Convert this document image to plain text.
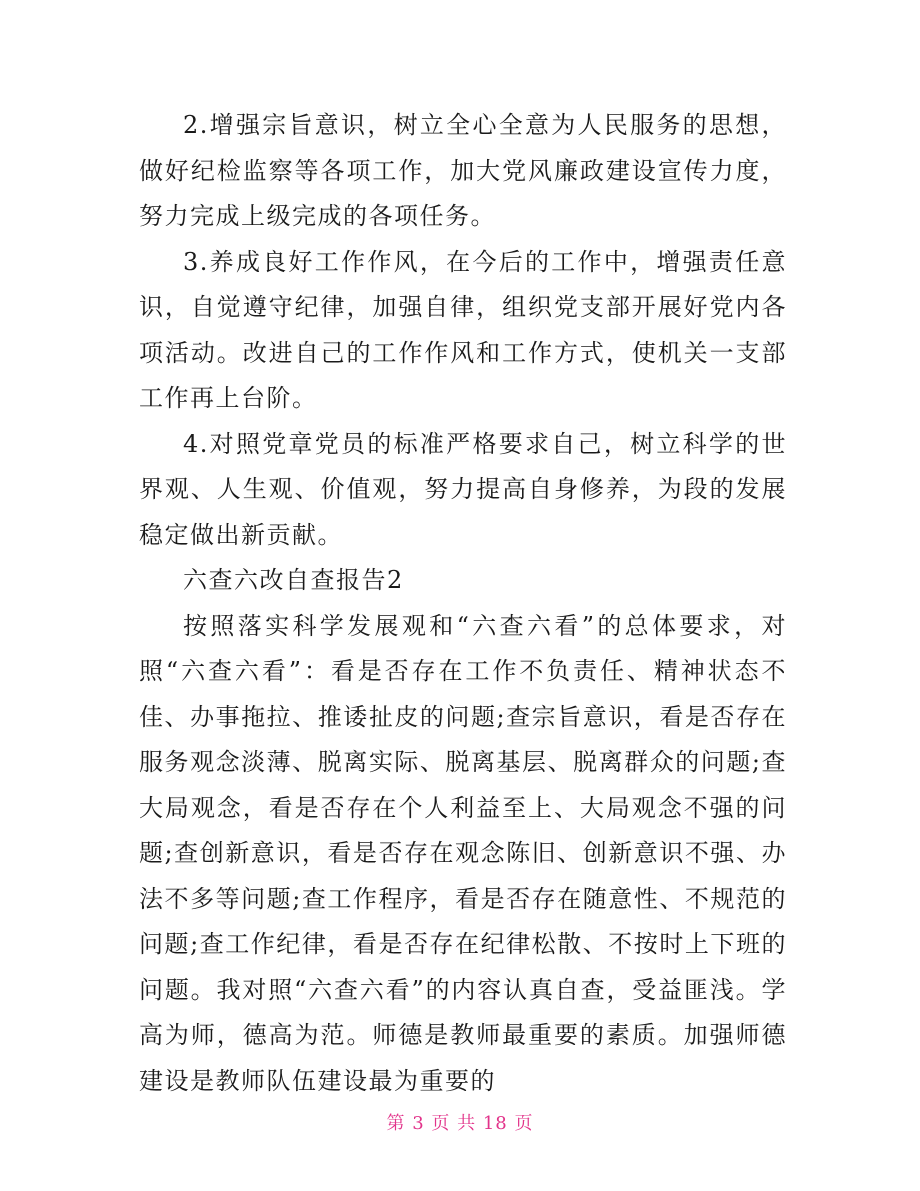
2.增强宗旨意识，树立全心全意为人民服务的思想，做好纪检监察等各项工作，加大党风廉政建设宣传力度，努力完成上级完成的各项任务。

3.养成良好工作作风，在今后的工作中，增强责任意识，自觉遵守纪律，加强自律，组织党支部开展好党内各项活动。改进自己的工作作风和工作方式，使机关一支部工作再上台阶。

4.对照党章党员的标准严格要求自己，树立科学的世界观、人生观、价值观，努力提高自身修养，为段的发展稳定做出新贡献。

六查六改自查报告2

按照落实科学发展观和“六查六看”的总体要求，对照“六查六看”：看是否存在工作不负责任、精神状态不佳、办事拖拉、推诿扯皮的问题;查宗旨意识，看是否存在服务观念淡薄、脱离实际、脱离基层、脱离群众的问题;查大局观念，看是否存在个人利益至上、大局观念不强的问题;查创新意识，看是否存在观念陈旧、创新意识不强、办法不多等问题;查工作程序，看是否存在随意性、不规范的问题;查工作纪律，看是否存在纪律松散、不按时上下班的问题。我对照“六查六看”的内容认真自查，受益匪浅。学高为师，德高为范。师德是教师最重要的素质。加强师德建设是教师队伍建设最为重要的

第 3 页 共 18 页
